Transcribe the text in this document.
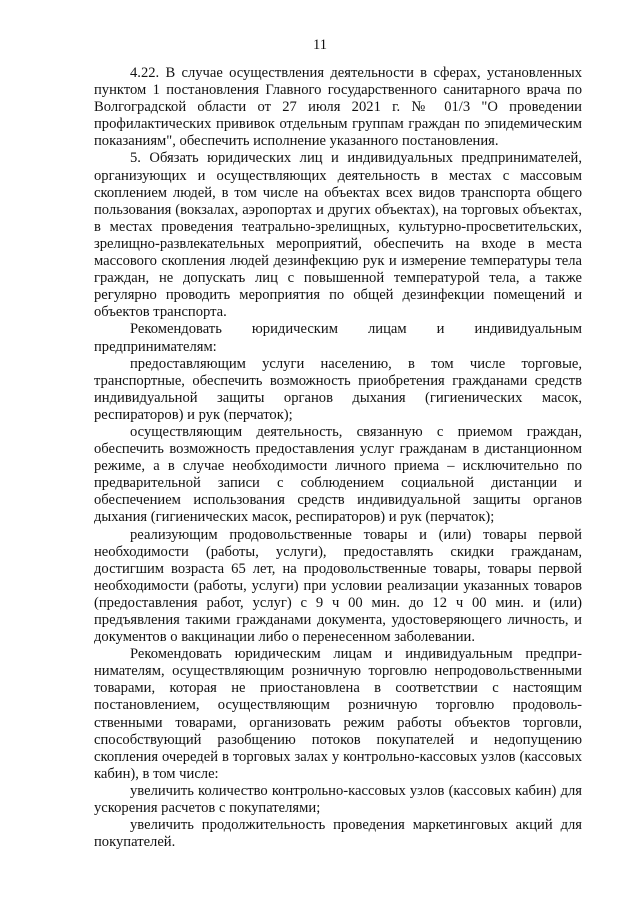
11

4.22. В случае осуществления деятельности в сферах, установленных пунктом 1 постановления Главного государственного санитарного врача по Волгоградской области от 27 июля 2021 г. № 01/3 "О проведении профилактических прививок отдельным группам граждан по эпидемическим показаниям", обеспечить исполнение указанного постановления.

5. Обязать юридических лиц и индивидуальных предпринимателей, организующих и осуществляющих деятельность в местах с массовым скоплением людей, в том числе на объектах всех видов транспорта общего пользования (вокзалах, аэропортах и других объектах), на торговых объектах, в местах проведения театрально-зрелищных, культурно-просветительских, зрелищно-развлекательных мероприятий, обеспечить на входе в места массового скопления людей дезинфекцию рук и измерение температуры тела граждан, не допускать лиц с повышенной температурой тела, а также регулярно проводить мероприятия по общей дезинфекции помещений и объектов транспорта.

Рекомендовать юридическим лицам и индивидуальным предпринимателям:

предоставляющим услуги населению, в том числе торговые, транспортные, обеспечить возможность приобретения гражданами средств индивидуальной защиты органов дыхания (гигиенических масок, респираторов) и рук (перчаток);

осуществляющим деятельность, связанную с приемом граждан, обеспечить возможность предоставления услуг гражданам в дистанционном режиме, а в случае необходимости личного приема – исключительно по предварительной записи с соблюдением социальной дистанции и обеспечением использования средств индивидуальной защиты органов дыхания (гигиенических масок, респираторов) и рук (перчаток);

реализующим продовольственные товары и (или) товары первой необходимости (работы, услуги), предоставлять скидки гражданам, достигшим возраста 65 лет, на продовольственные товары, товары первой необходимости (работы, услуги) при условии реализации указанных товаров (предоставления работ, услуг) с 9 ч 00 мин. до 12 ч 00 мин. и (или) предъявления такими гражданами документа, удостоверяющего личность, и документов о вакцинации либо о перенесенном заболевании.

Рекомендовать юридическим лицам и индивидуальным предпринимателям, осуществляющим розничную торговлю непродовольственными товарами, которая не приостановлена в соответствии с настоящим постановлением, осуществляющим розничную торговлю продовольственными товарами, организовать режим работы объектов торговли, способствующий разобщению потоков покупателей и недопущению скопления очередей в торговых залах у контрольно-кассовых узлов (кассовых кабин), в том числе:

увеличить количество контрольно-кассовых узлов (кассовых кабин) для ускорения расчетов с покупателями;

увеличить продолжительность проведения маркетинговых акций для покупателей.
